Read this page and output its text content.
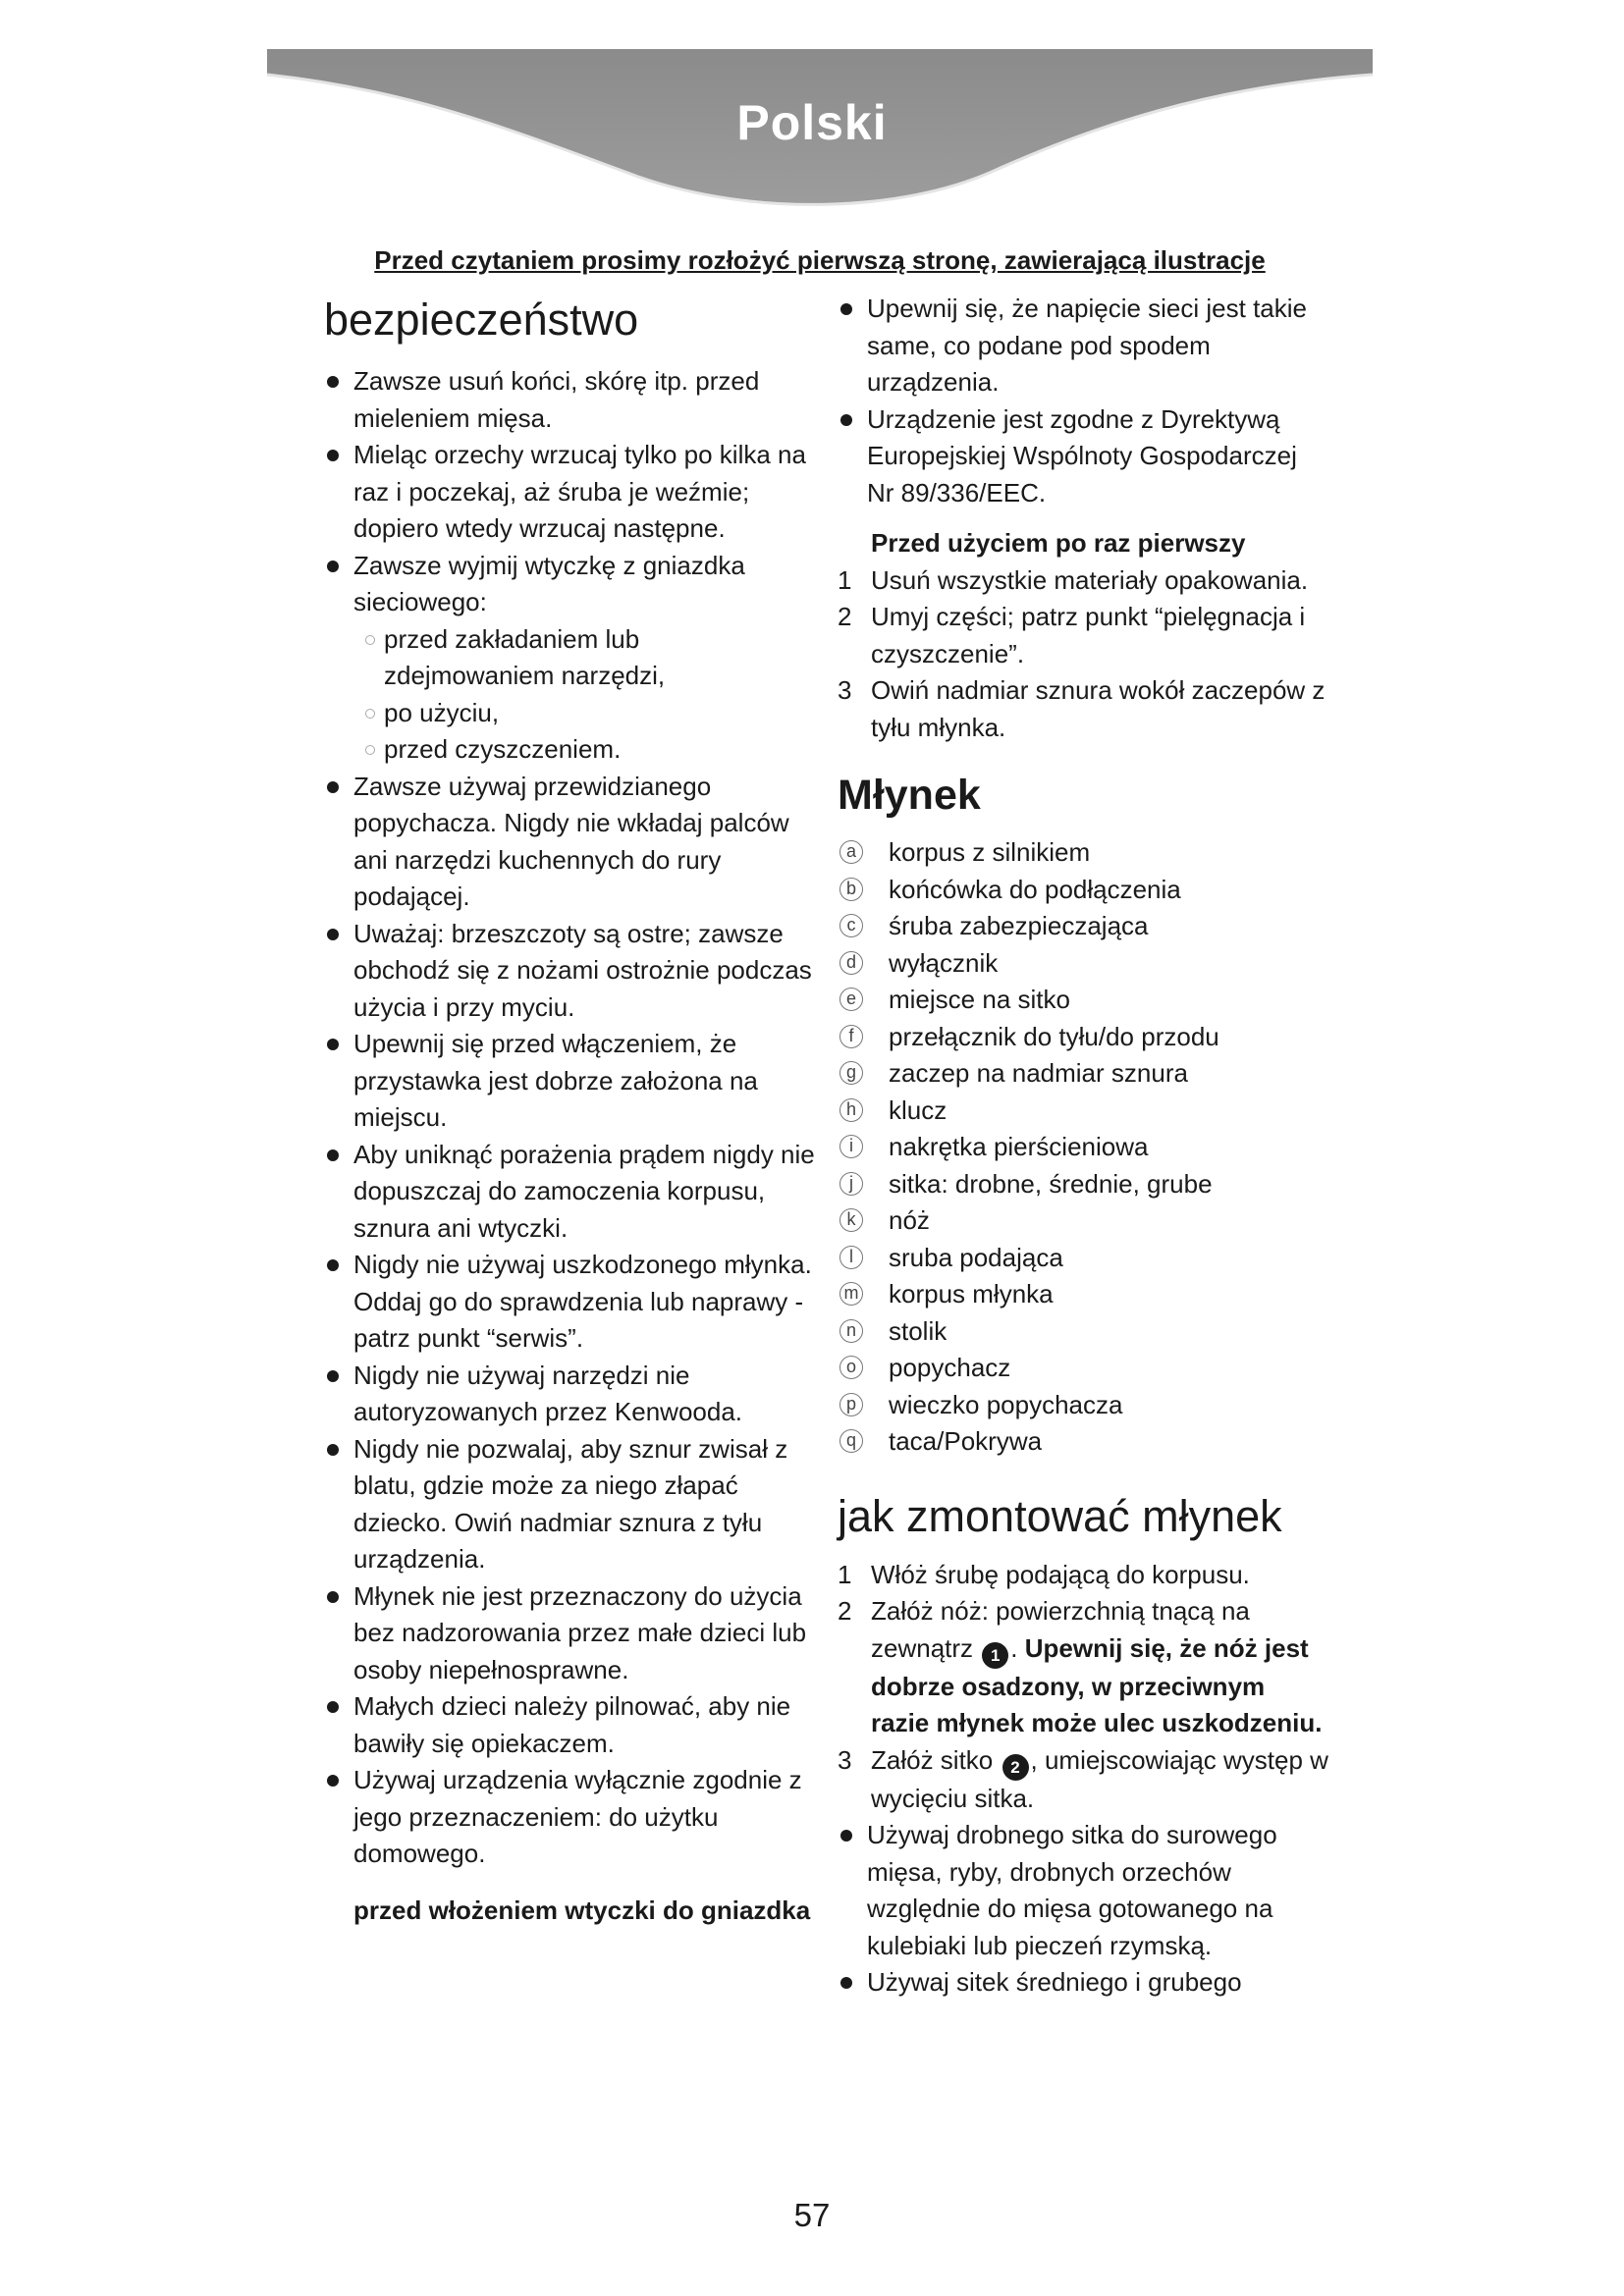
Polski
Przed czytaniem prosimy rozłożyć pierwszą stronę, zawierającą ilustracje
bezpieczeństwo
Zawsze usuń końci, skórę itp. przed mieleniem mięsa.
Mieląc orzechy wrzucaj tylko po kilka na raz i poczekaj, aż śruba je weźmie; dopiero wtedy wrzucaj następne.
Zawsze wyjmij wtyczkę z gniazdka sieciowego:
przed zakładaniem lub zdejmowaniem narzędzi,
po użyciu,
przed czyszczeniem.
Zawsze używaj przewidzianego popychacza. Nigdy nie wkładaj palców ani narzędzi kuchennych do rury podającej.
Uważaj: brzeszczoty są ostre; zawsze obchodź się z nożami ostrożnie podczas użycia i przy myciu.
Upewnij się przed włączeniem, że przystawka jest dobrze założona na miejscu.
Aby uniknąć porażenia prądem nigdy nie dopuszczaj do zamoczenia korpusu, sznura ani wtyczki.
Nigdy nie używaj uszkodzonego młynka. Oddaj go do sprawdzenia lub naprawy - patrz punkt “serwis”.
Nigdy nie używaj narzędzi nie autoryzowanych przez Kenwooda.
Nigdy nie pozwalaj, aby sznur zwisał z blatu, gdzie może za niego złapać dziecko. Owiń nadmiar sznura z tyłu urządzenia.
Młynek nie jest przeznaczony do użycia bez nadzorowania przez małe dzieci lub osoby niepełnosprawne.
Małych dzieci należy pilnować, aby nie bawiły się opiekaczem.
Używaj urządzenia wyłącznie zgodnie z jego przeznaczeniem: do użytku domowego.
przed włożeniem wtyczki do gniazdka
Upewnij się, że napięcie sieci jest takie same, co podane pod spodem urządzenia.
Urządzenie jest zgodne z Dyrektywą Europejskiej Wspólnoty Gospodarczej Nr 89/336/EEC.
Przed użyciem po raz pierwszy
1 Usuń wszystkie materiały opakowania.
2 Umyj części; patrz punkt “pielęgnacja i czyszczenie”.
3 Owiń nadmiar sznura wokół zaczepów z tyłu młynka.
Młynek
a korpus z silnikiem
b końcówka do podłączenia
c śruba zabezpieczająca
d wyłącznik
e miejsce na sitko
f	przełącznik do tyłu/do przodu
g zaczep na nadmiar sznura
h klucz
i	nakrętka pierścieniowa
j	sitka: drobne, średnie, grube
k nóż
l	sruba podająca
m korpus młynka
n stolik
o popychacz
p wieczko popychacza
q taca/Pokrywa
jak zmontować młynek
1 Włóż śrubę podającą do korpusu.
2 Załóż nóż: powierzchnią tnącą na zewnątrz 1 . Upewnij się, że nóż jest dobrze osadzony, w przeciwnym razie młynek może ulec uszkodzeniu.
3 Załóż sitko 2 , umiejscowiając występ w wycięciu sitka.
Używaj drobnego sitka do surowego mięsa, ryby, drobnych orzechów względnie do mięsa gotowanego na kulebiaki lub pieczeń rzymską.
Używaj sitek średniego i grubego
57
